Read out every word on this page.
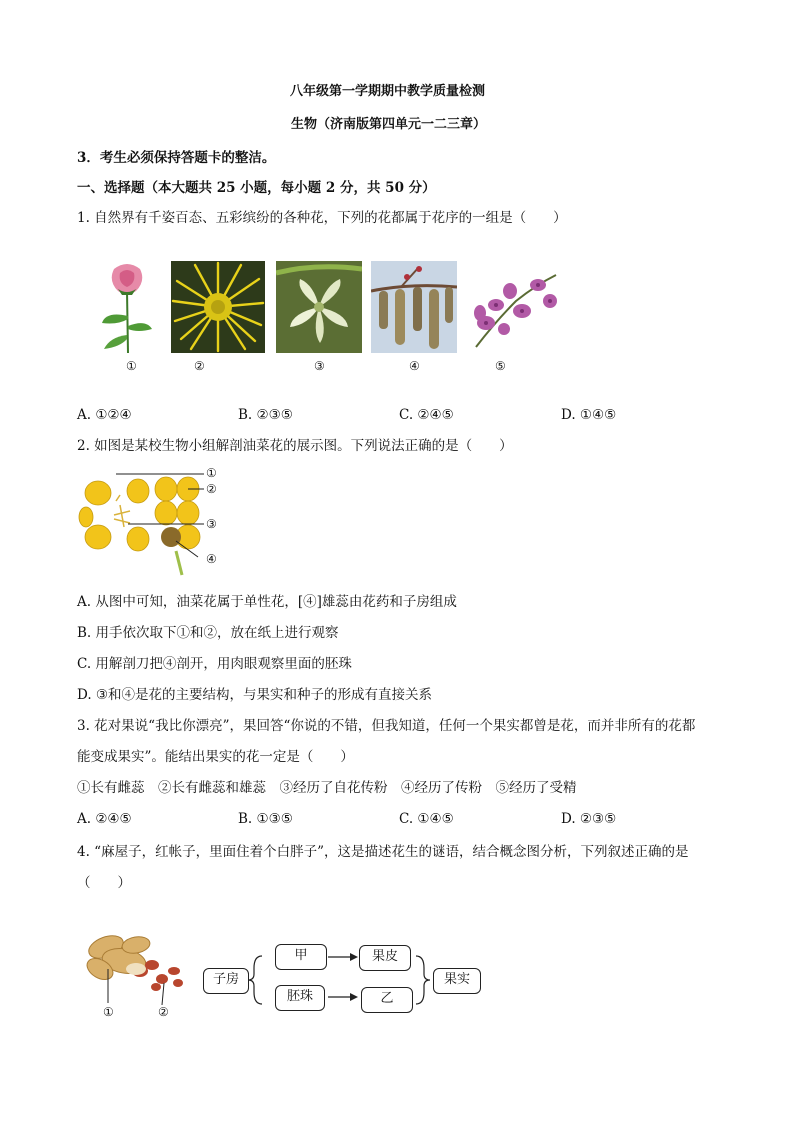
八年级第一学期期中教学质量检测
生物（济南版第四单元一二三章）
3．考生必须保持答题卡的整洁。
一、选择题（本大题共 25 小题，每小题 2 分，共 50 分）
1. 自然界有千姿百态、五彩缤纷的各种花，下列的花都属于花序的一组是（　　）
①	②	③	④	⑤
A. ①②④	B. ②③⑤	C. ②④⑤	D. ①④⑤
2. 如图是某校生物小组解剖油菜花的展示图。下列说法正确的是（　　）
①
②
③
④
A. 从图中可知，油菜花属于单性花，[④]雄蕊由花药和子房组成
B. 用手依次取下①和②，放在纸上进行观察
C. 用解剖刀把④剖开，用肉眼观察里面的胚珠
D. ③和④是花的主要结构，与果实和种子的形成有直接关系
3. 花对果说“我比你漂亮”，果回答“你说的不错，但我知道，任何一个果实都曾是花，而并非所有的花都
能变成果实”。能结出果实的花一定是（　　）
①长有雌蕊　②长有雌蕊和雄蕊　③经历了自花传粉　④经历了传粉　⑤经历了受精
A. ②④⑤	B. ①③⑤	C. ①④⑤	D. ②③⑤
4. “麻屋子，红帐子，里面住着个白胖子”，这是描述花生的谜语，结合概念图分析，下列叙述正确的是
（　　）
①	②
子房
甲	果皮
胚珠	乙
果实
